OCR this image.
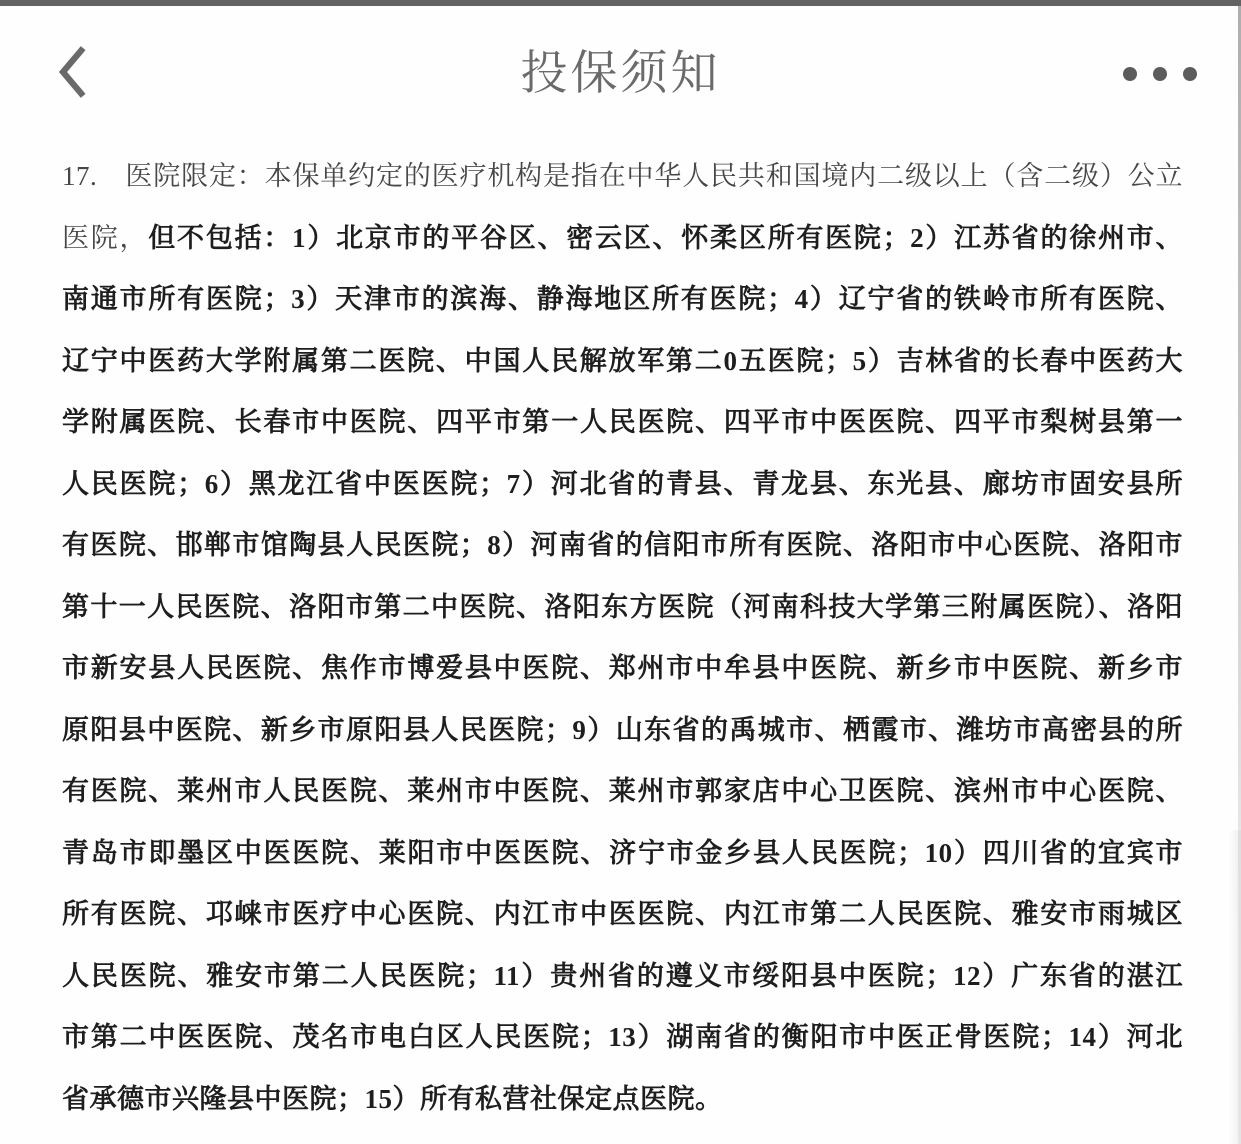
投保须知
17.　医院限定：本保单约定的医疗机构是指在中华人民共和国境内二级以上（含二级）公立
医院，但不包括：1）北京市的平谷区、密云区、怀柔区所有医院；2）江苏省的徐州市、
南通市所有医院；3）天津市的滨海、静海地区所有医院；4）辽宁省的铁岭市所有医院、
辽宁中医药大学附属第二医院、中国人民解放军第二0五医院；5）吉林省的长春中医药大
学附属医院、长春市中医院、四平市第一人民医院、四平市中医医院、四平市梨树县第一
人民医院；6）黑龙江省中医医院；7）河北省的青县、青龙县、东光县、廊坊市固安县所
有医院、邯郸市馆陶县人民医院；8）河南省的信阳市所有医院、洛阳市中心医院、洛阳市
第十一人民医院、洛阳市第二中医院、洛阳东方医院（河南科技大学第三附属医院）、洛阳
市新安县人民医院、焦作市博爱县中医院、郑州市中牟县中医院、新乡市中医院、新乡市
原阳县中医院、新乡市原阳县人民医院；9）山东省的禹城市、栖霞市、潍坊市高密县的所
有医院、莱州市人民医院、莱州市中医院、莱州市郭家店中心卫医院、滨州市中心医院、
青岛市即墨区中医医院、莱阳市中医医院、济宁市金乡县人民医院；10）四川省的宜宾市
所有医院、邛崃市医疗中心医院、内江市中医医院、内江市第二人民医院、雅安市雨城区
人民医院、雅安市第二人民医院；11）贵州省的遵义市绥阳县中医院；12）广东省的湛江
市第二中医医院、茂名市电白区人民医院；13）湖南省的衡阳市中医正骨医院；14）河北
省承德市兴隆县中医院；15）所有私营社保定点医院。
